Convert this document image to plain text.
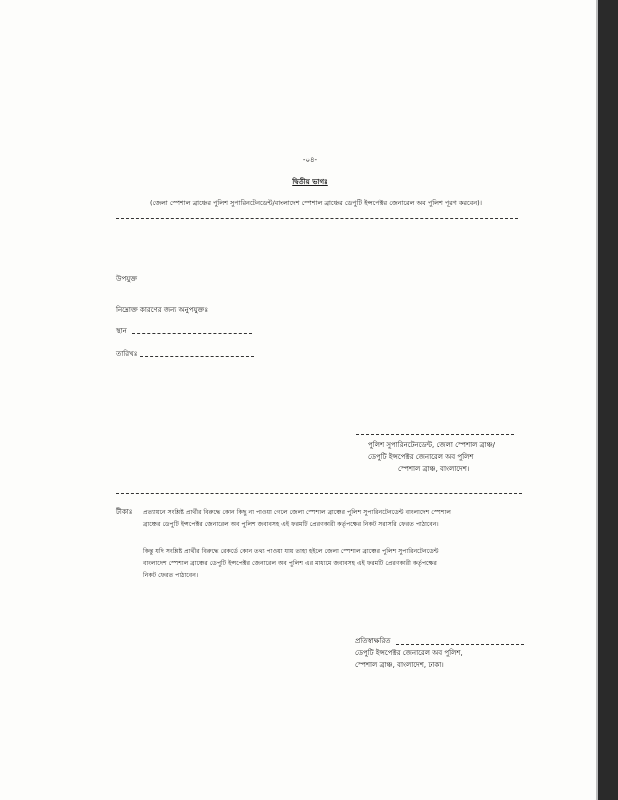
-০৪-
দ্বিতীয় ভাগঃ
(জেলা স্পেশাল ব্রাঞ্চের পুলিশ সুপারিনটেনডেন্ট/বাংলাদেশ স্পেশাল ব্রাঞ্চের ডেপুটি ইন্সপেক্টর জেনারেল অব পুলিশ পূরণ করবেন)।
উপযুক্ত
নিম্নোক্ত কারণের জন্য অনুপযুক্তঃ
স্থান
তারিখঃ
পুলিশ সুপারিনটেনডেন্ট, জেলা স্পেশাল ব্রাঞ্চ/
ডেপুটি ইন্সপেক্টর জেনারেল অব পুলিশ
স্পেশাল ব্রাঞ্চ, বাংলাদেশ।
টীকাঃ প্রত্যায়নে সংশ্লিষ্ট প্রার্থীর বিরুদ্ধে কোন কিছু না পাওয়া গেলে জেলা স্পেশাল ব্রাঞ্চের পুলিশ সুপারিনটেনডেন্ট বাংলাদেশ স্পেশাল
ব্রাঞ্চের ডেপুটি ইন্সপেক্টর জেনারেল অব পুলিশ জবাবসহ এই ফরমটি প্রেরণকারী কর্তৃপক্ষের নিকট সরাসরি ফেরত পাঠাবেন।
কিন্তু যদি সংশ্লিষ্ট প্রার্থীর বিরুদ্ধে রেকর্ডে কোন তথ্য পাওয়া যায় তাহা হইলে জেলা স্পেশাল ব্রাঞ্চের পুলিশ সুপারিনটেনডেন্ট
বাংলাদেশ স্পেশাল ব্রাঞ্চের ডেপুটি ইন্সপেক্টর জেনারেল অব পুলিশ এর মাধ্যমে জবাবসহ এই ফরমটি প্রেরণকারী কর্তৃপক্ষের
নিকট ফেরত পাঠাবেন।
প্রতিস্বাক্ষরিত
ডেপুটি ইন্সপেক্টর জেনারেল অব পুলিশ,
স্পেশাল ব্রাঞ্চ, বাংলাদেশ, ঢাকা।
